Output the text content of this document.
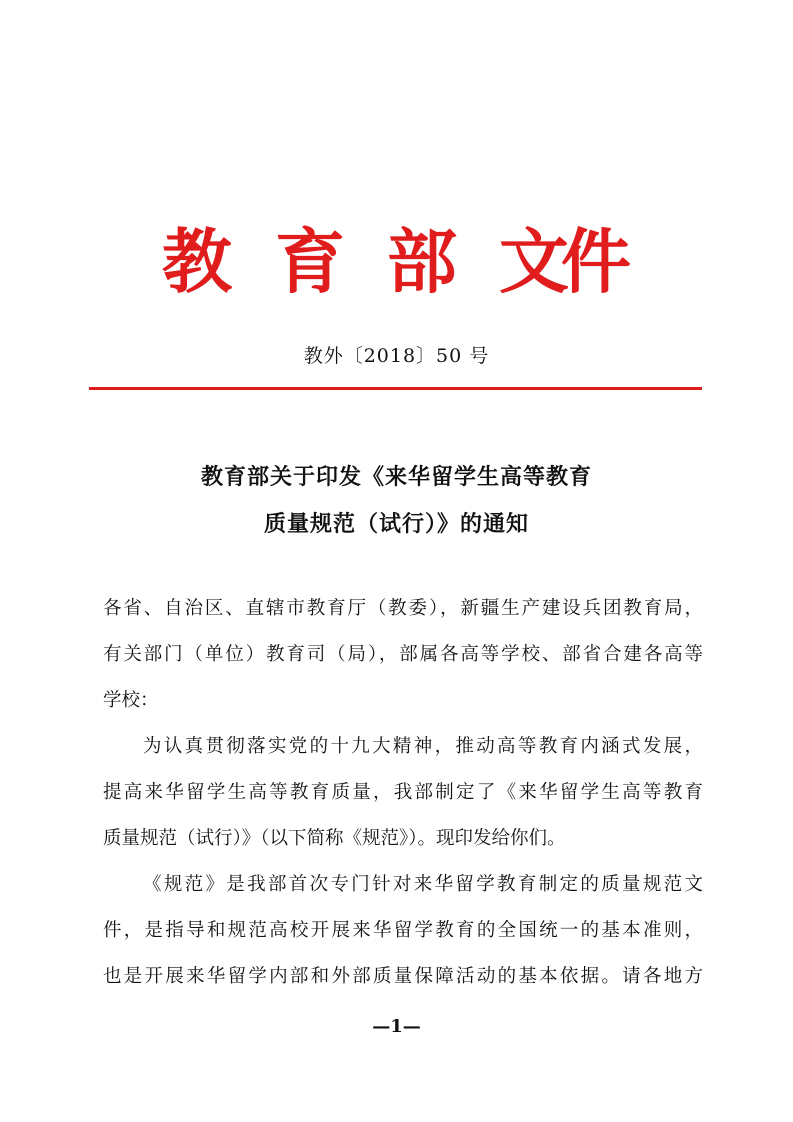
教 育 部 文
件
教外〔2018〕50 号
教育部关于印发《来华留学生高等教育
质量规范（试行）》的通知
各省、自治区、直辖市教育厅（教委），新疆生产建设兵团教育局，
有关部门（单位）教育司（局），部属各高等学校、部省合建各高等
学校：
为认真贯彻落实党的十九大精神，推动高等教育内涵式发展，
提高来华留学生高等教育质量，我部制定了《来华留学生高等教育
质量规范（试行）》（以下简称《规范》）。现印发给你们。
《规范》是我部首次专门针对来华留学教育制定的质量规范文
件，是指导和规范高校开展来华留学教育的全国统一的基本准则，
也是开展来华留学内部和外部质量保障活动的基本依据。请各地方
—1—
